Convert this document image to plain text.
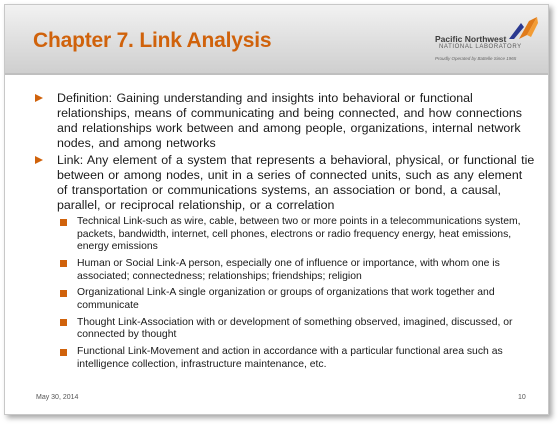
Chapter 7. Link Analysis	Pacific Northwest
NATIONAL LABORATORY
Proudly Operated by Battelle Since 1965
Definition: Gaining understanding and insights into behavioral or functional relationships, means of communicating and being connected, and how connections and relationships work between and among people, organizations, internal network nodes, and among networks
Link: Any element of a system that represents a behavioral, physical, or functional tie between or among nodes, unit in a series of connected units, such as any element of transportation or communications systems, an association or bond, a causal, parallel, or reciprocal relationship, or a correlation
Technical Link-such as wire, cable, between two or more points in a telecommunications system, packets, bandwidth, internet, cell phones, electrons or radio frequency energy, heat emissions, energy emissions
Human or Social Link-A person, especially one of influence or importance, with whom one is associated; connectedness; relationships; friendships; religion
Organizational Link-A single organization or groups of organizations that work together and communicate
Thought Link-Association with or development of something observed, imagined, discussed, or connected by thought
Functional Link-Movement and action in accordance with a particular functional area such as intelligence collection, infrastructure maintenance, etc.
May 30, 2014	10
